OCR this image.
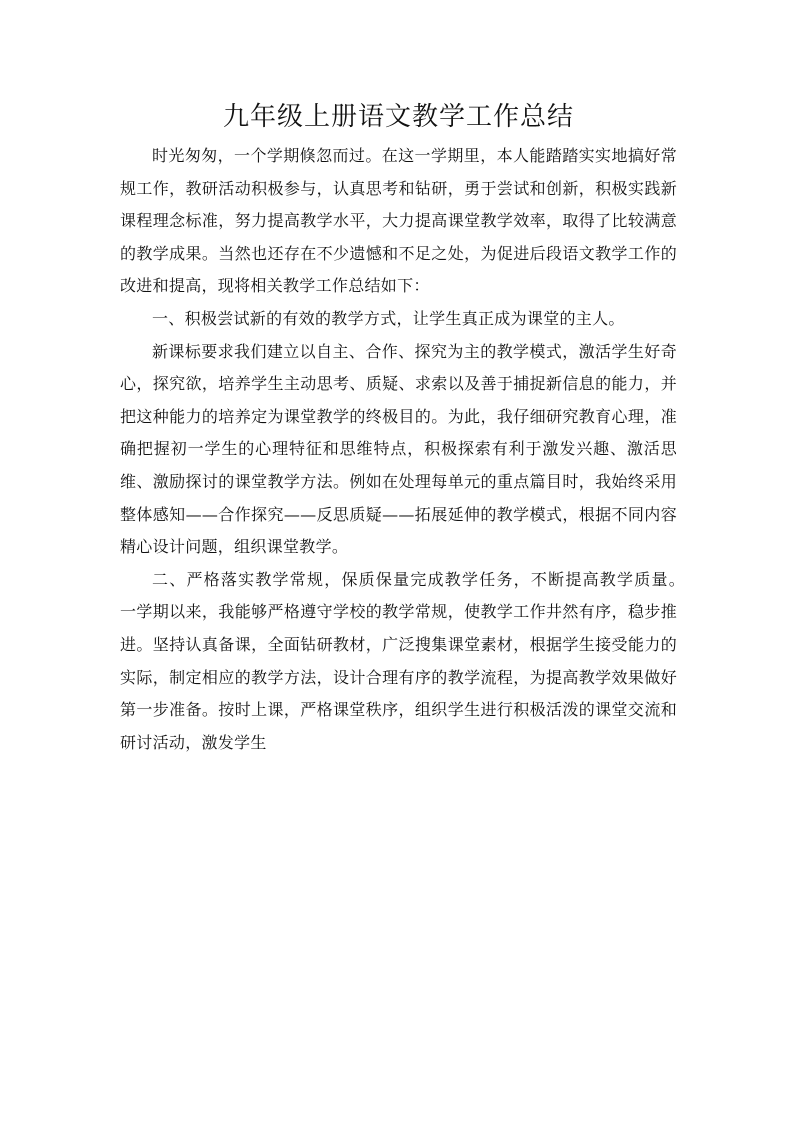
九年级上册语文教学工作总结

时光匆匆，一个学期倏忽而过。在这一学期里，本人能踏踏实实地搞好常规工作，教研活动积极参与，认真思考和钻研，勇于尝试和创新，积极实践新课程理念标准，努力提高教学水平，大力提高课堂教学效率，取得了比较满意的教学成果。当然也还存在不少遗憾和不足之处，为促进后段语文教学工作的改进和提高，现将相关教学工作总结如下：

一、积极尝试新的有效的教学方式，让学生真正成为课堂的主人。

新课标要求我们建立以自主、合作、探究为主的教学模式，激活学生好奇心，探究欲，培养学生主动思考、质疑、求索以及善于捕捉新信息的能力，并把这种能力的培养定为课堂教学的终极目的。为此，我仔细研究教育心理，准确把握初一学生的心理特征和思维特点，积极探索有利于激发兴趣、激活思维、激励探讨的课堂教学方法。例如在处理每单元的重点篇目时，我始终采用整体感知——合作探究——反思质疑——拓展延伸的教学模式，根据不同内容精心设计问题，组织课堂教学。

二、严格落实教学常规，保质保量完成教学任务，不断提高教学质量。　　一学期以来，我能够严格遵守学校的教学常规，使教学工作井然有序，稳步推进。坚持认真备课，全面钻研教材，广泛搜集课堂素材，根据学生接受能力的实际，制定相应的教学方法，设计合理有序的教学流程，为提高教学效果做好第一步准备。按时上课，严格课堂秩序，组织学生进行积极活泼的课堂交流和研讨活动，激发学生
